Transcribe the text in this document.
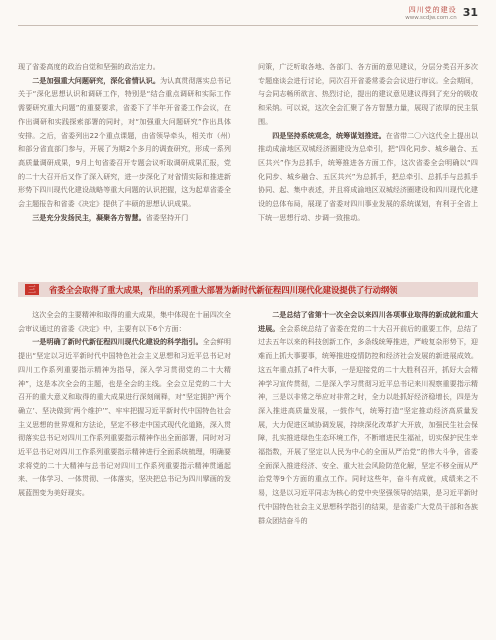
四川党的建设
www.scdjw.com.cn 31

现了省委高度的政治自觉和坚强的政治定力。

二是加强重大问题研究，深化省情认识。为认真贯彻落实总书记关于“深化思想认识和调研工作，特别是“结合重点调研和实际工作需要研究重大问题”的重要要求，省委下了半年开省委工作会议，在作出调研和实践探索部署的同时，对“加强重大问题研究”作出具体安排。之后，省委列出22个重点课题，由省领导牵头，相关市（州）和部分省直部门参与，开展了为期2个多月的调查研究，形成一系列高质量调研成果，9月上旬省委召开专题会议听取调研成果汇报，党的二十大召开后又作了深入研究，进一步深化了对省情实际和推进新形势下四川现代化建设战略等重大问题的认识把握，这为起草省委全会主题报告和省委《决定》提供了丰硕的思想认识成果。

三是充分发扬民主，凝聚各方智慧。省委坚持开门

问策，广泛听取各地、各部门、各方面的意见建议，分层分类召开多次专题座谈会进行讨论，同次召开省委常委会会议进行审议。全会期间，与会同志畅所欲言、热烈讨论，提出的建议意见建议得到了充分的吸收和采纳。可以说，这次全会汇聚了各方智慧力量，展现了浓厚的民主氛围。

四是坚持系统观念，统筹谋划推进。在省带二〇六这代全上提出以推动成渝地区双城经济圈建设为总牵引，把“四化同步、城乡融合、五区共兴”作为总抓手，统筹推进各方面工作，这次省委全会明确以“四化同步、城乡融合、五区共兴”为总抓手，把总牵引、总抓手与总抓手协同、起、集中表述，并且将成渝地区双城经济圈建设和四川现代化建设的总体布局，展现了省委对四川事业发展的系统谋划，有利于全省上下统一思想行动、步调一致推动。

三	省委全会取得了重大成果，作出的系列重大部署为新时代新征程四川现代化建设提供了行动纲领

这次全会的主要精神和取得的重大成果，集中体现在十届四次全会审议通过的省委《决定》中，主要有以下6个方面：

一是明确了新时代新征程四川现代化建设的科学指引。全会鲜明提出“坚定以习近平新时代中国特色社会主义思想和习近平总书记对四川工作系列重要指示精神为指导，深入学习贯彻党的二十大精神”，这是本次全会的主题，也是全会的主线。全会立足党的二十大召开的重大意义和取得的重大成果进行深刻阐释，对“坚定拥护‘两个确立’、坚决做到‘两个维护’”、牢牢把握习近平新时代中国特色社会主义思想的世界观和方法论，坚定不移走中国式现代化道路，深入贯彻落实总书记对四川工作系列重要指示精神作出全面部署，同时对习近平总书记对四川工作系列重要指示精神进行全面系统梳理，明确要求将党的二十大精神与总书记对四川工作系列重要指示精神贯通起来、一体学习、一体贯彻、一体落实，坚决把总书记为四川擘画的发展蓝图变为美好现实。

二是总结了省第十一次全会以来四川各项事业取得的新成就和重大进展。全会系统总结了省委在党的二十大召开前后的重要工作，总结了过去五年以来的科技创新工作，多条线统筹推进，严峻复杂形势下，迎难而上抓大事要事，统筹推进疫情防控和经济社会发展的新进展成效。这五年重点抓了4件大事，一是迎接党的二十大胜利召开，抓好大会精神学习宣传贯彻，二是深入学习贯彻习近平总书记来川视察重要指示精神，三是以非常之举应对非常之时，全力以赴抓好经济稳增长，四是为深入推进高质量发展，一鼓作气，统筹打造“坚定推动经济高质量发展，大力促进区域协调发展，持续深化改革扩大开放，加强民生社会保障，扎实推进绿色生态环境工作，不断增进民生福祉，切实保护民生幸福指数，开展了坚定以人民为中心的全面从严治党”的伟大斗争，省委全面深入推进经济、安全、重大社会风险防范化解，坚定不移全面从严治党等9个方面的重点工作。同时这些年，奋斗有成就，成绩来之不易，这是以习近平同志为核心的党中央坚强领导的结果，是习近平新时代中国特色社会主义思想科学指引的结果，是省委广大党员干部和各族群众团结奋斗的
